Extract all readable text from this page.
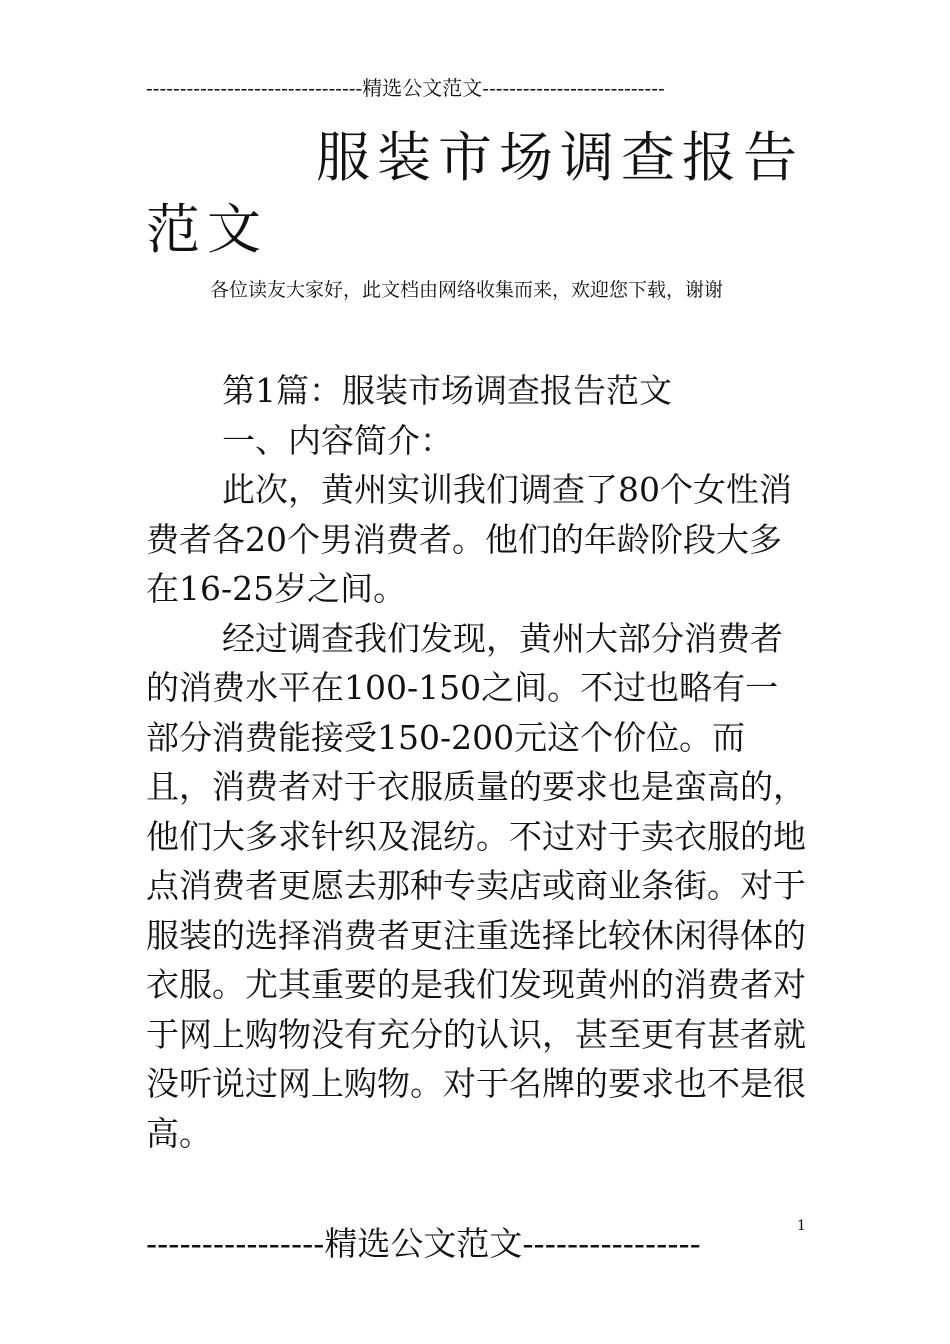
--------------------------------精选公文范文---------------------------
服装市场调查报告
范文
各位读友大家好，此文档由网络收集而来，欢迎您下载，谢谢

第1篇：服装市场调查报告范文

一、内容简介：

此次，黄州实训我们调查了80个女性消费者各20个男消费者。他们的年龄阶段大多在16-25岁之间。

经过调查我们发现，黄州大部分消费者的消费水平在100-150之间。不过也略有一部分消费能接受150-200元这个价位。而且，消费者对于衣服质量的要求也是蛮高的，他们大多求针织及混纺。不过对于卖衣服的地点消费者更愿去那种专卖店或商业条街。对于服装的选择消费者更注重选择比较休闲得体的衣服。尤其重要的是我们发现黄州的消费者对于网上购物没有充分的认识，甚至更有甚者就没听说过网上购物。对于名牌的要求也不是很高。

----------------精选公文范文----------------	1
